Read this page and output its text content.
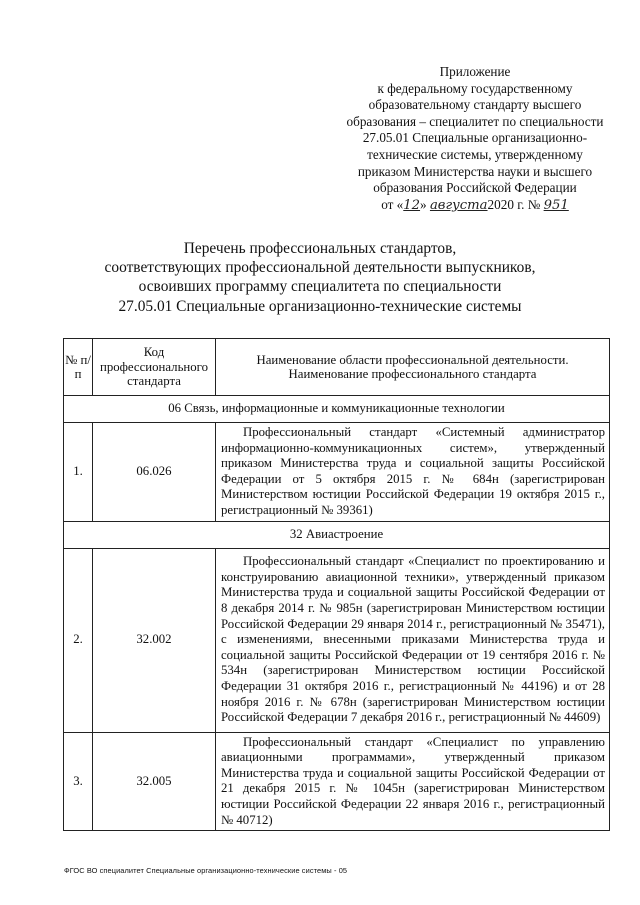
Приложение
к федеральному государственному
образовательному стандарту высшего
образования – специалитет по специальности
27.05.01 Специальные организационно-
технические системы, утвержденному
приказом Министерства науки и высшего
образования Российской Федерации
от «12» августа2020 г. № 951
Перечень профессиональных стандартов,
соответствующих профессиональной деятельности выпускников,
освоивших программу специалитета по специальности
27.05.01 Специальные организационно-технические системы
№ п/п	Код профессионального стандарта	Наименование области профессиональной деятельности. Наименование профессионального стандарта
06 Связь, информационные и коммуникационные технологии		
1.	06.026	Профессиональный стандарт «Системный администратор информационно-коммуникационных систем», утвержденный приказом Министерства труда и социальной защиты Российской Федерации от 5 октября 2015 г. № 684н (зарегистрирован Министерством юстиции Российской Федерации 19 октября 2015 г., регистрационный № 39361)
32 Авиастроение		
2.	32.002	Профессиональный стандарт «Специалист по проектированию и конструированию авиационной техники», утвержденный приказом Министерства труда и социальной защиты Российской Федерации от 8 декабря 2014 г. № 985н (зарегистрирован Министерством юстиции Российской Федерации 29 января 2014 г., регистрационный № 35471), с изменениями, внесенными приказами Министерства труда и социальной защиты Российской Федерации от 19 сентября 2016 г. № 534н (зарегистрирован Министерством юстиции Российской Федерации 31 октября 2016 г., регистрационный № 44196) и от 28 ноября 2016 г. № 678н (зарегистрирован Министерством юстиции Российской Федерации 7 декабря 2016 г., регистрационный № 44609)
3.	32.005	Профессиональный стандарт «Специалист по управлению авиационными программами», утвержденный приказом Министерства труда и социальной защиты Российской Федерации от 21 декабря 2015 г. № 1045н (зарегистрирован Министерством юстиции Российской Федерации 22 января 2016 г., регистрационный № 40712)
ФГОС ВО специалитет Специальные организационно-технические системы - 05
